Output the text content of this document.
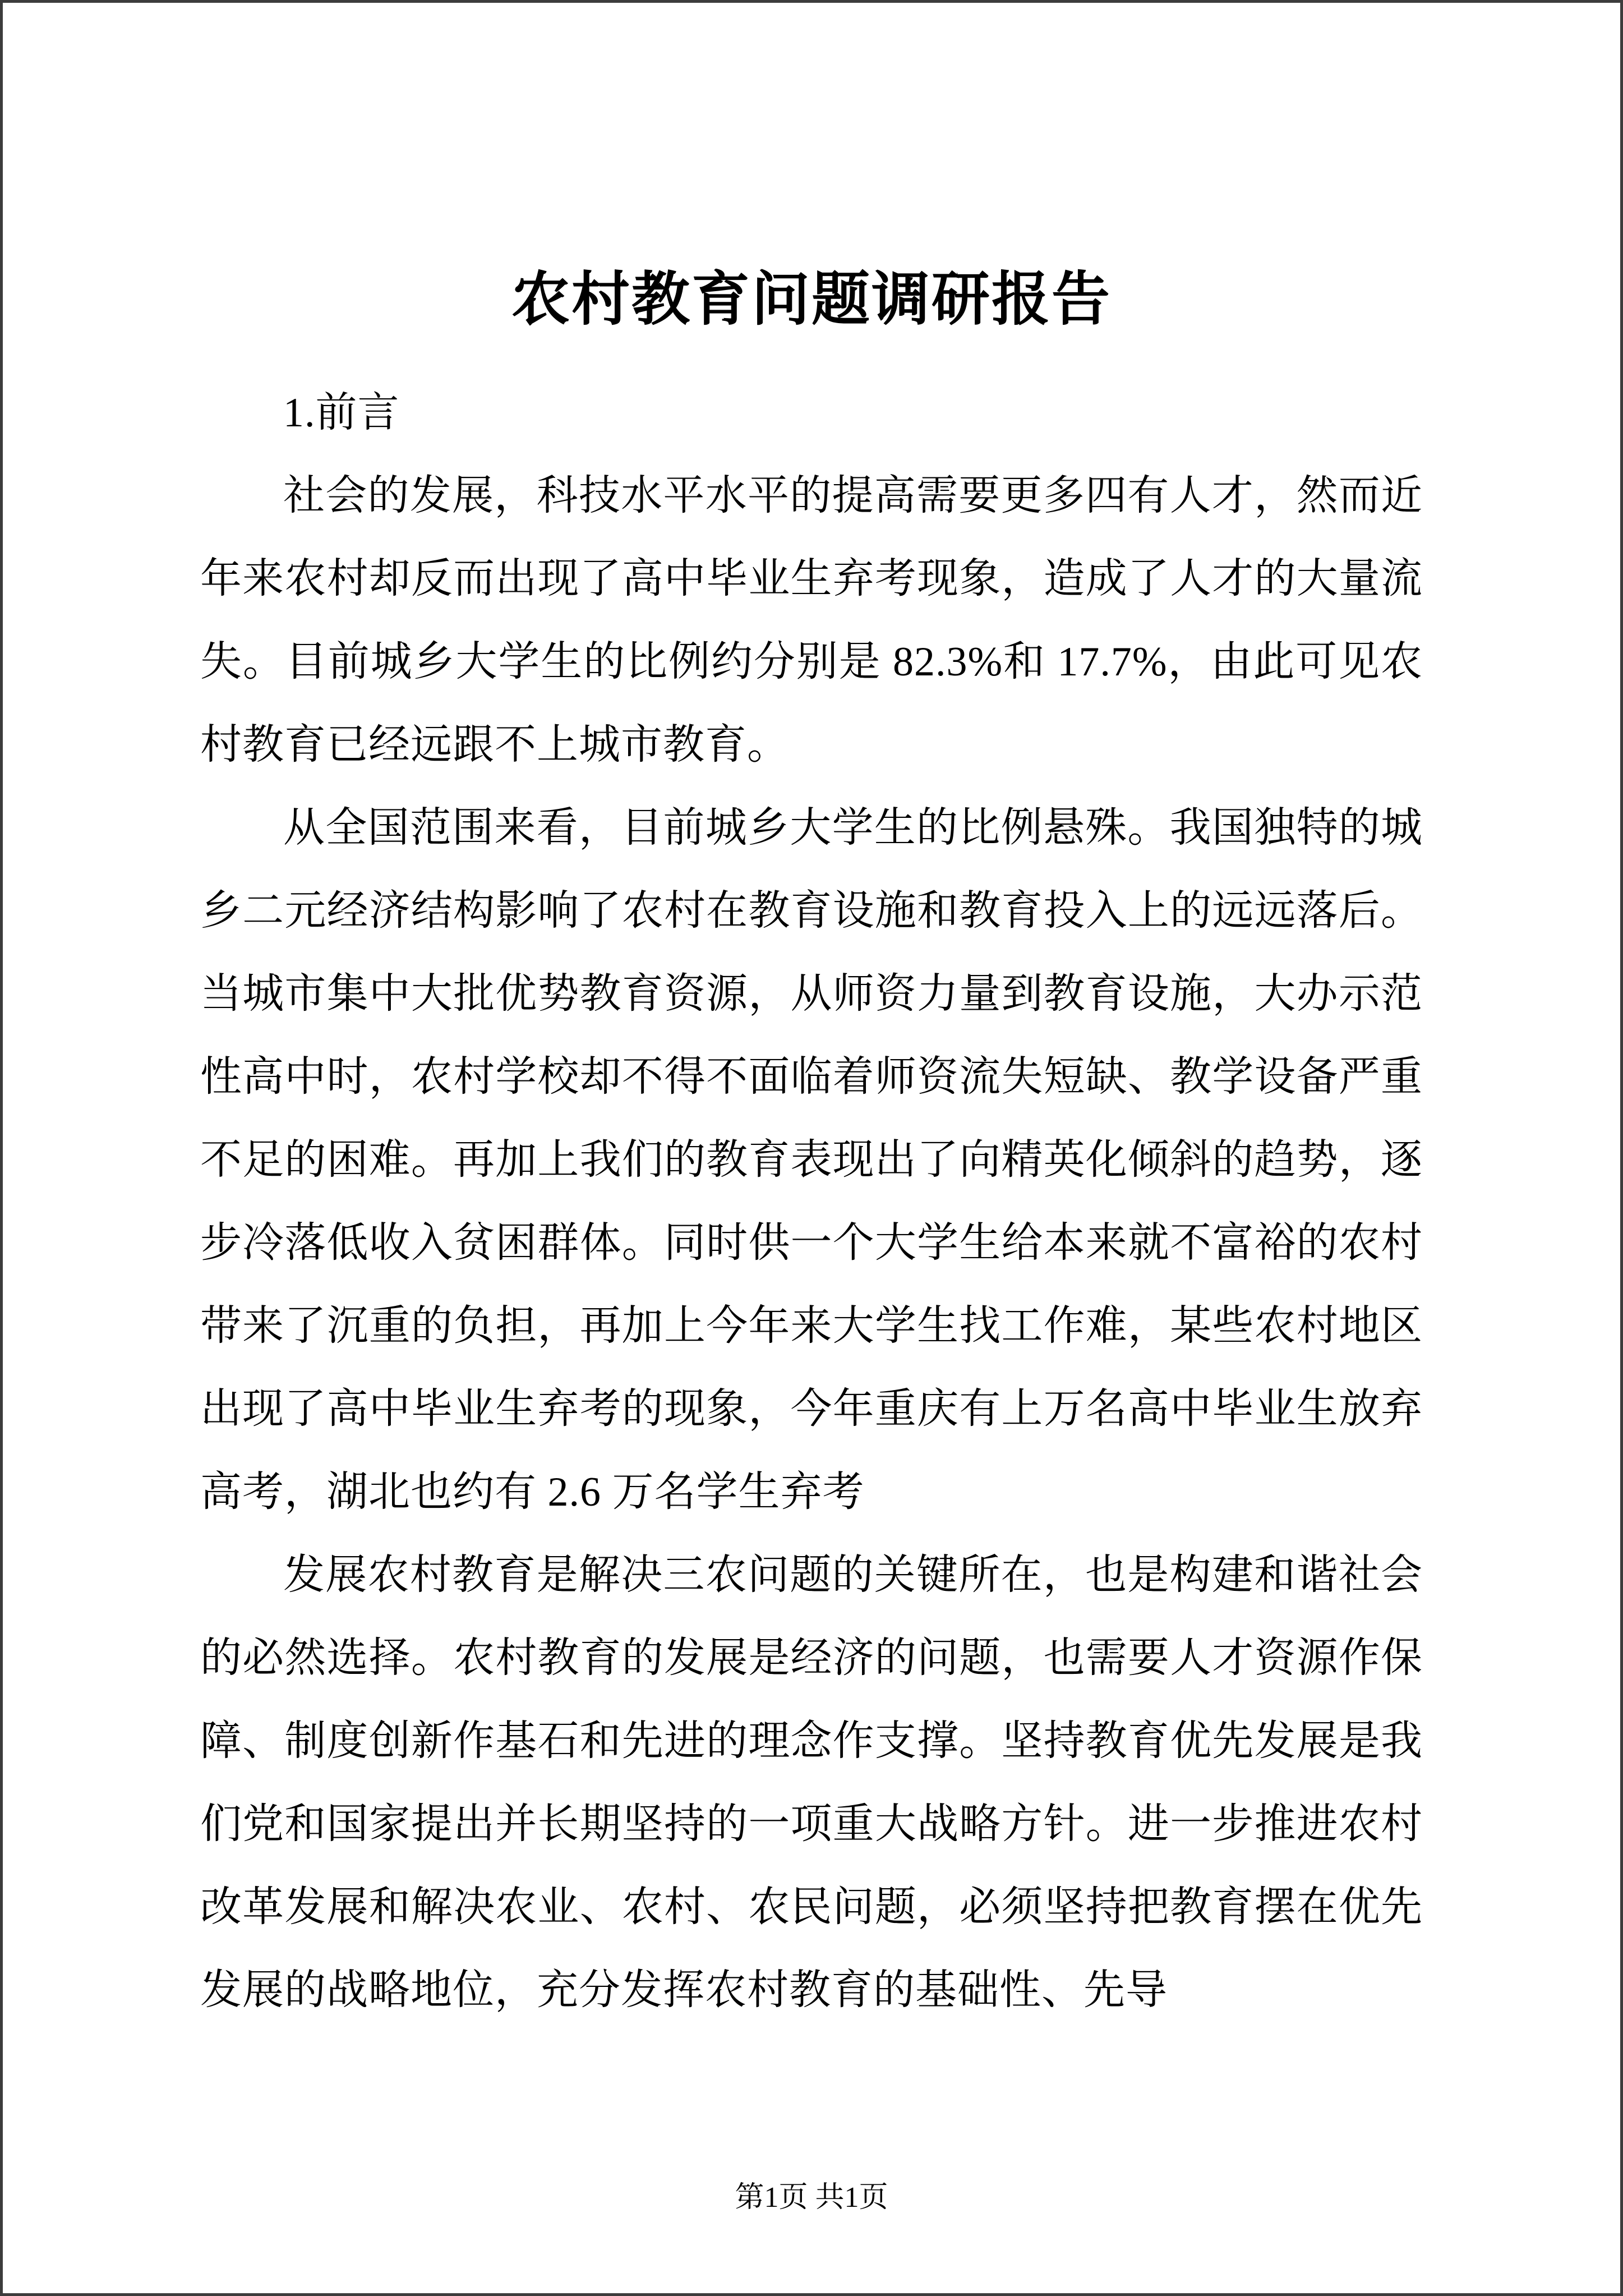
农村教育问题调研报告

1.前言

社会的发展，科技水平水平的提高需要更多四有人才，然而近年来农村却反而出现了高中毕业生弃考现象，造成了人才的大量流失。目前城乡大学生的比例约分别是 82.3%和 17.7%，由此可见农村教育已经远跟不上城市教育。

从全国范围来看，目前城乡大学生的比例悬殊。我国独特的城乡二元经济结构影响了农村在教育设施和教育投入上的远远落后。当城市集中大批优势教育资源，从师资力量到教育设施，大办示范性高中时，农村学校却不得不面临着师资流失短缺、教学设备严重不足的困难。再加上我们的教育表现出了向精英化倾斜的趋势，逐步冷落低收入贫困群体。同时供一个大学生给本来就不富裕的农村带来了沉重的负担，再加上今年来大学生找工作难，某些农村地区出现了高中毕业生弃考的现象，今年重庆有上万名高中毕业生放弃高考，湖北也约有 2.6 万名学生弃考

发展农村教育是解决三农问题的关键所在，也是构建和谐社会的必然选择。农村教育的发展是经济的问题，也需要人才资源作保障、制度创新作基石和先进的理念作支撑。坚持教育优先发展是我们党和国家提出并长期坚持的一项重大战略方针。进一步推进农村改革发展和解决农业、农村、农民问题，必须坚持把教育摆在优先发展的战略地位，充分发挥农村教育的基础性、先导

第1页 共1页
